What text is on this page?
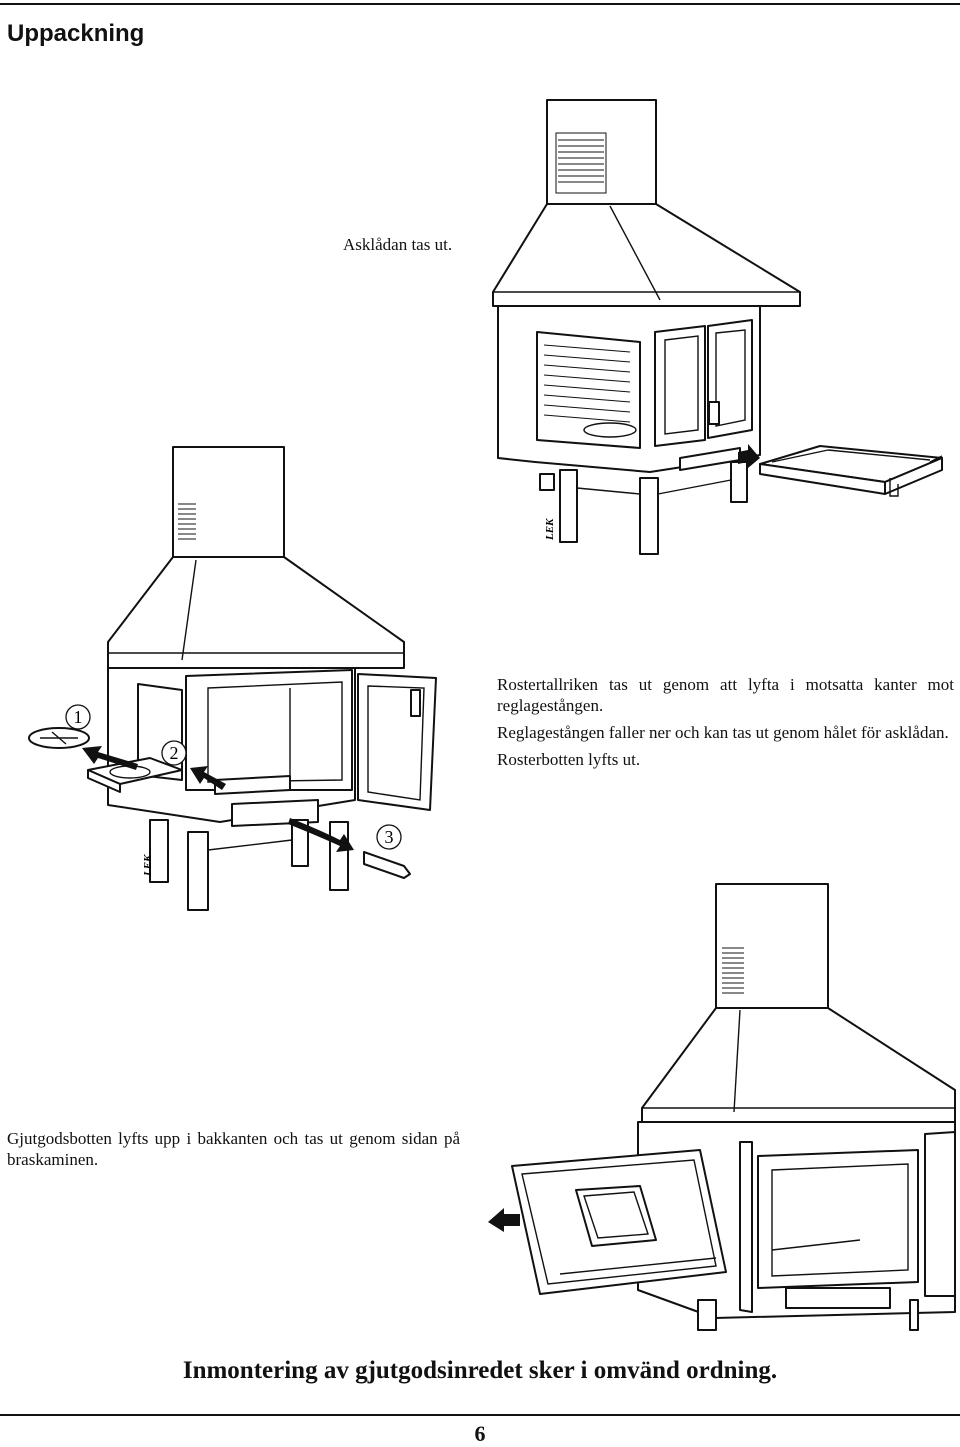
Uppackning
Asklådan tas ut.
Rostertallriken tas ut genom att lyfta i motsatta kanter mot reglagestången.
Reglagestången faller ner och kan tas ut genom hålet för asklådan.
Rosterbotten lyfts ut.
Gjutgodsbotten lyfts upp i bakkanten och tas ut genom sidan på braskaminen.
LEK
1
2
3
LEK
Inmontering av gjutgodsinredet sker i omvänd ordning.
6
